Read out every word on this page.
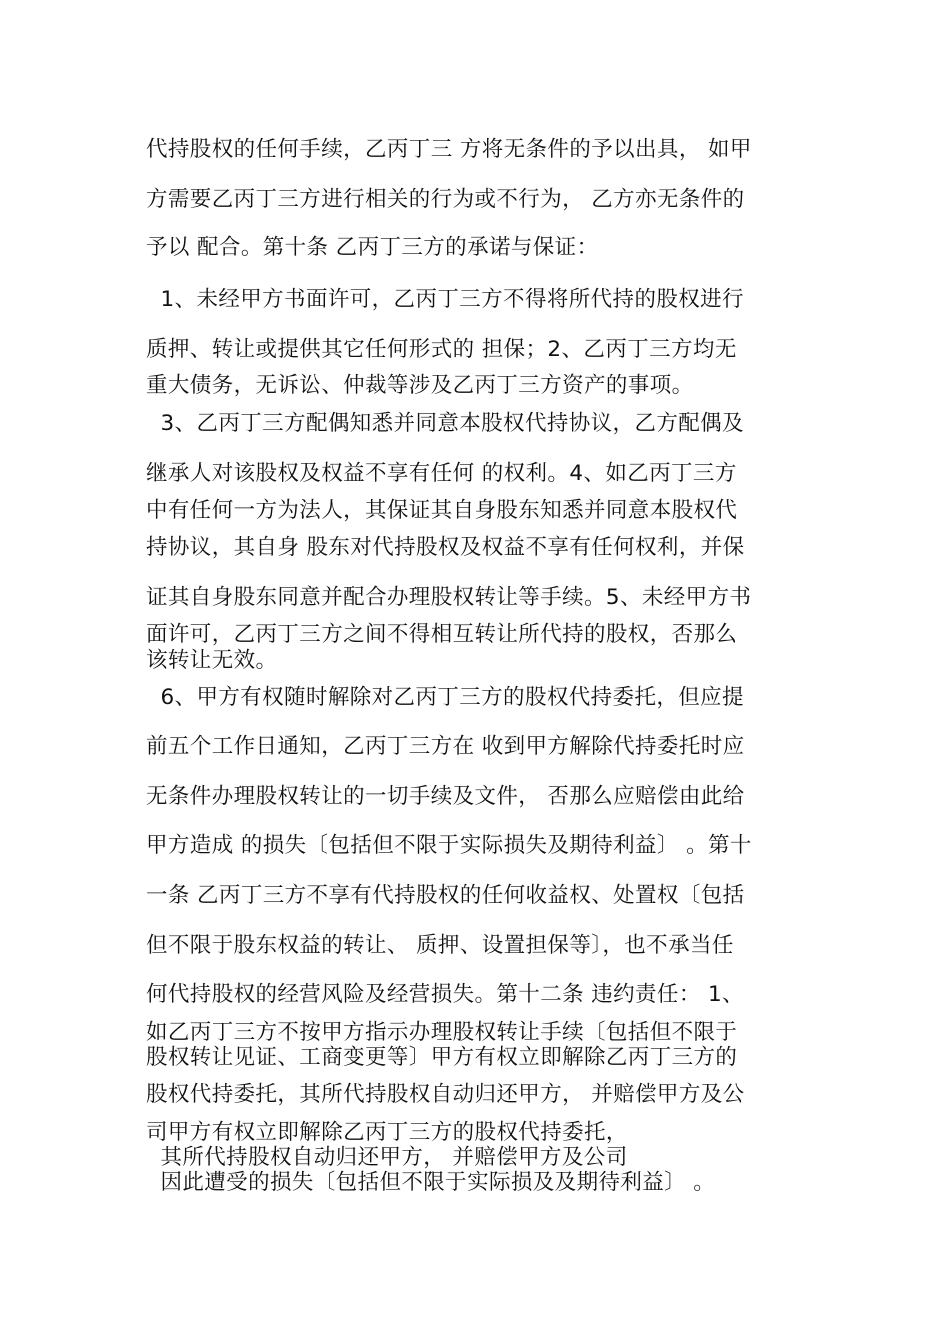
代持股权的任何手续，乙丙丁三 方将无条件的予以出具， 如甲

方需要乙丙丁三方进行相关的行为或不行为， 乙方亦无条件的

予以 配合。第十条 乙丙丁三方的承诺与保证：

1、未经甲方书面许可，乙丙丁三方不得将所代持的股权进行

质押、转让或提供其它任何形式的 担保；2、乙丙丁三方均无

重大债务，无诉讼、仲裁等涉及乙丙丁三方资产的事项。

3、乙丙丁三方配偶知悉并同意本股权代持协议，乙方配偶及

继承人对该股权及权益不享有任何 的权利。4、如乙丙丁三方

中有任何一方为法人，其保证其自身股东知悉并同意本股权代

持协议，其自身 股东对代持股权及权益不享有任何权利，并保

证其自身股东同意并配合办理股权转让等手续。5、未经甲方书

面许可，乙丙丁三方之间不得相互转让所代持的股权，否那么

该转让无效。

6、甲方有权随时解除对乙丙丁三方的股权代持委托，但应提

前五个工作日通知，乙丙丁三方在 收到甲方解除代持委托时应

无条件办理股权转让的一切手续及文件， 否那么应赔偿由此给

甲方造成 的损失〔包括但不限于实际损失及期待利益〕 。第十

一条 乙丙丁三方不享有代持股权的任何收益权、处置权〔包括

但不限于股东权益的转让、 质押、设置担保等〕，也不承当任

何代持股权的经营风险及经营损失。第十二条 违约责任： 1、

如乙丙丁三方不按甲方指示办理股权转让手续〔包括但不限于

股权转让见证、工商变更等〕甲方有权立即解除乙丙丁三方的

股权代持委托，其所代持股权自动归还甲方， 并赔偿甲方及公

司甲方有权立即解除乙丙丁三方的股权代持委托，

其所代持股权自动归还甲方， 并赔偿甲方及公司

因此遭受的损失〔包括但不限于实际损及及期待利益〕 。
